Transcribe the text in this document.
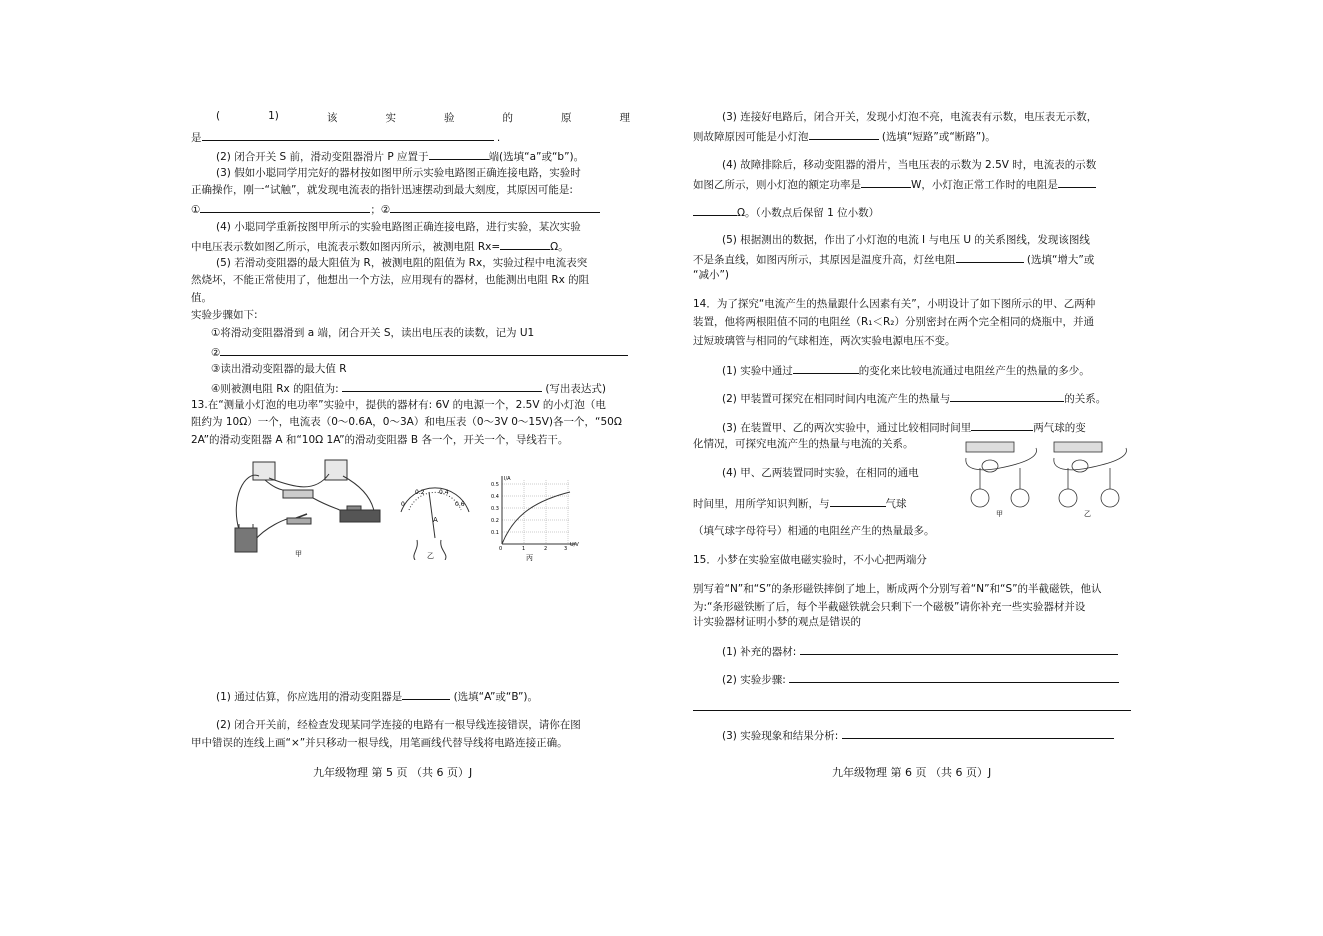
(	1)	该	实	验	的	原	理
是	.
(2) 闭合开关 S 前，滑动变阻器滑片 P 应置于	端(选填“a”或“b”)。
(3) 假如小聪同学用完好的器材按如图甲所示实验电路图正确连接电路，实验时
正确操作，刚一“试触”，就发现电流表的指针迅速摆动到最大刻度，其原因可能是:
①	；②
(4) 小聪同学重新按图甲所示的实验电路图正确连接电路，进行实验，某次实验
中电压表示数如图乙所示，电流表示数如图丙所示，被测电阻 Rx=	Ω。
(5) 若滑动变阻器的最大阻值为 R，被测电阻的阻值为 Rx，实验过程中电流表突
然烧坏，不能正常使用了，他想出一个方法，应用现有的器材，也能测出电阻 Rx 的阻
值。
实验步骤如下:
①将滑动变阻器滑到 a 端，闭合开关 S，读出电压表的读数，记为 U1
②
③读出滑动变阻器的最大值 R
④则被测电阻 Rx 的阻值为:	(写出表达式)
13.在“测量小灯泡的电功率”实验中，提供的器材有: 6V 的电源一个，2.5V 的小灯泡（电
阻约为 10Ω）一个，电流表（0～0.6A，0～3A）和电压表（0～3V 0～15V)各一个，“50Ω
2A”的滑动变阻器 A 和“10Ω 1A”的滑动变阻器 B 各一个，开关一个，导线若干。
甲
0
0.2 0.4
0.6
A
乙
I/A
0.5
0.4
0.3
0.2
0.1
0	1	2	3
U/V
丙
(1) 通过估算，你应选用的滑动变阻器是	(选填“A”或“B”)。
(2) 闭合开关前，经检查发现某同学连接的电路有一根导线连接错误，请你在图
甲中错误的连线上画“×”并只移动一根导线，用笔画线代替导线将电路连接正确。
九年级物理 第 5 页 （共 6 页）J
(3) 连接好电路后，闭合开关，发现小灯泡不亮，电流表有示数，电压表无示数，
则故障原因可能是小灯泡	(选填“短路”或“断路”)。
(4) 故障排除后，移动变阻器的滑片，当电压表的示数为 2.5V 时，电流表的示数
如图乙所示，则小灯泡的额定功率是	W，小灯泡正常工作时的电阻是
Ω。（小数点后保留 1 位小数）
(5) 根据测出的数据，作出了小灯泡的电流 I 与电压 U 的关系图线，发现该图线
不是条直线，如图丙所示，其原因是温度升高，灯丝电阻	(选填“增大”或
“减小”)
14．为了探究“电流产生的热量跟什么因素有关”，小明设计了如下图所示的甲、乙两种
装置，他将两根阻值不同的电阻丝（R₁＜R₂）分别密封在两个完全相同的烧瓶中，并通
过短玻璃管与相同的气球相连，两次实验电源电压不变。
(1) 实验中通过	的变化来比较电流通过电阻丝产生的热量的多少。
(2) 甲装置可探究在相同时间内电流产生的热量与	的关系。
(3) 在装置甲、乙的两次实验中，通过比较相同时间里	两气球的变
化情况，可探究电流产生的热量与电流的关系。
(4) 甲、乙两装置同时实验，在相同的通电
时间里，用所学知识判断，与	气球
（填气球字母符号）相通的电阻丝产生的热量最多。
甲	乙
15．小梦在实验室做电磁实验时，不小心把两端分
别写着“N”和“S”的条形磁铁摔倒了地上，断成两个分别写着“N”和“S”的半截磁铁，他认
为:“条形磁铁断了后，每个半截磁铁就会只剩下一个磁极”请你补充一些实验器材并设
计实验器材证明小梦的观点是错误的
(1) 补充的器材:
(2) 实验步骤:
(3) 实验现象和结果分析:
九年级物理 第 6 页 （共 6 页）J
